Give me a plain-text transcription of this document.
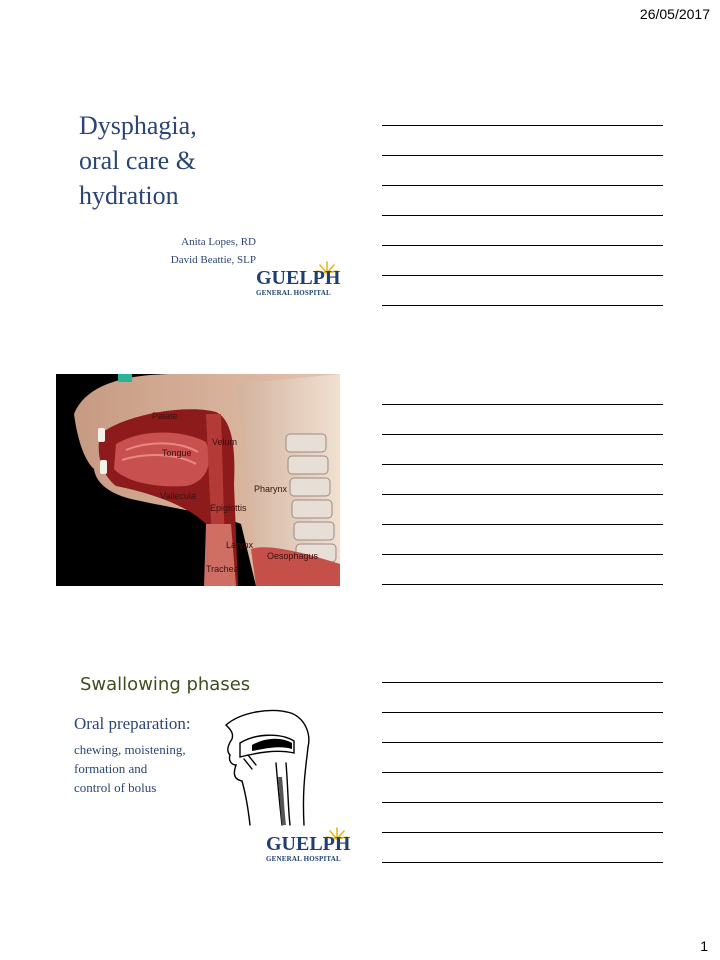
26/05/2017
Dysphagia,
oral care &
hydration
Anita Lopes, RD
David Beattie, SLP
GUELPH
GENERAL HOSPITAL
Palate
Velum
Tongue
Pharynx
Vallecula
Epiglottis
Larynx
Oesophagus
Trachea
Swallowing phases
Oral preparation:
chewing, moistening,
formation and
control of bolus
GUELPH
GENERAL HOSPITAL
1
